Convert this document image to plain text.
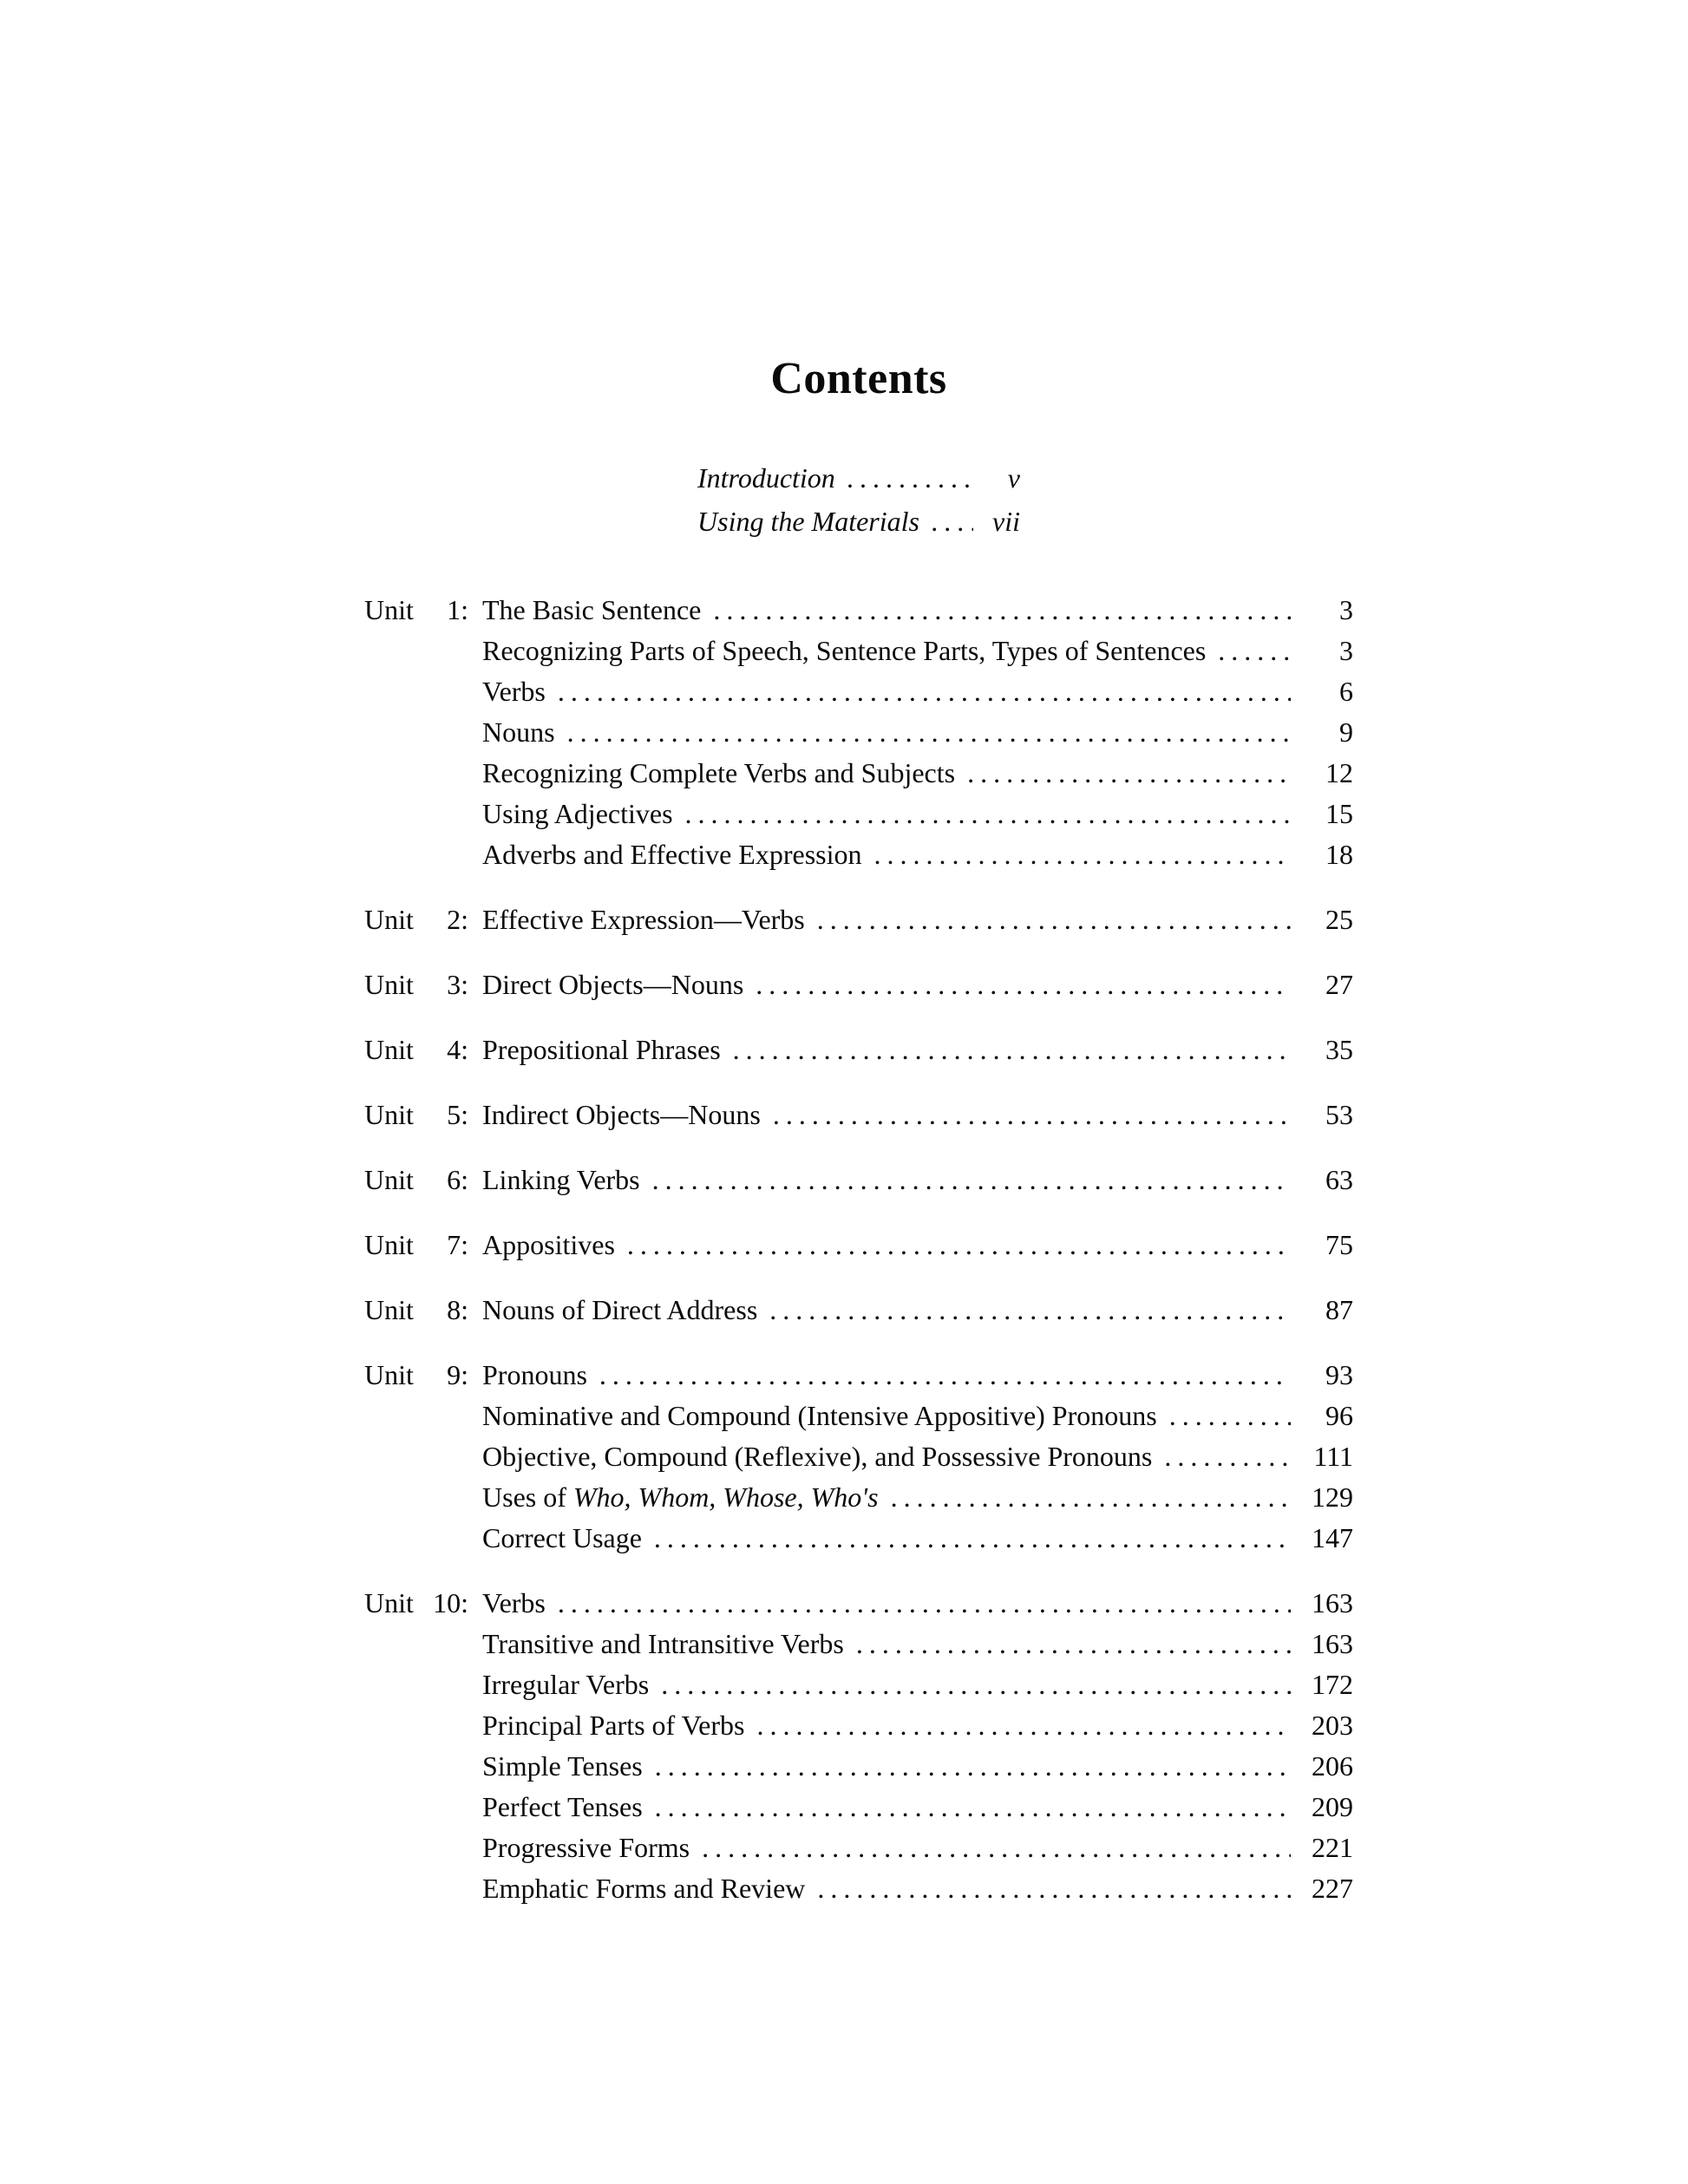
Contents
Introduction .....	v
Using the Materials .....	vii
Unit	1: The Basic Sentence .....	3
Recognizing Parts of Speech, Sentence Parts, Types of Sentences .....	3
Verbs .....	6
Nouns .....	9
Recognizing Complete Verbs and Subjects .....	12
Using Adjectives .....	15
Adverbs and Effective Expression .....	18
Unit	2: Effective Expression—Verbs .....	25
Unit	3: Direct Objects—Nouns .....	27
Unit	4: Prepositional Phrases .....	35
Unit	5: Indirect Objects—Nouns .....	53
Unit	6: Linking Verbs .....	63
Unit	7: Appositives .....	75
Unit	8: Nouns of Direct Address .....	87
Unit	9: Pronouns .....	93
Nominative and Compound (Intensive Appositive) Pronouns .....	96
Objective, Compound (Reflexive), and Possessive Pronouns .....	111
Uses of Who, Whom, Whose, Who's .....	129
Correct Usage .....	147
Unit 10: Verbs .....	163
Transitive and Intransitive Verbs .....	163
Irregular Verbs .....	172
Principal Parts of Verbs .....	203
Simple Tenses .....	206
Perfect Tenses .....	209
Progressive Forms .....	221
Emphatic Forms and Review .....	227
